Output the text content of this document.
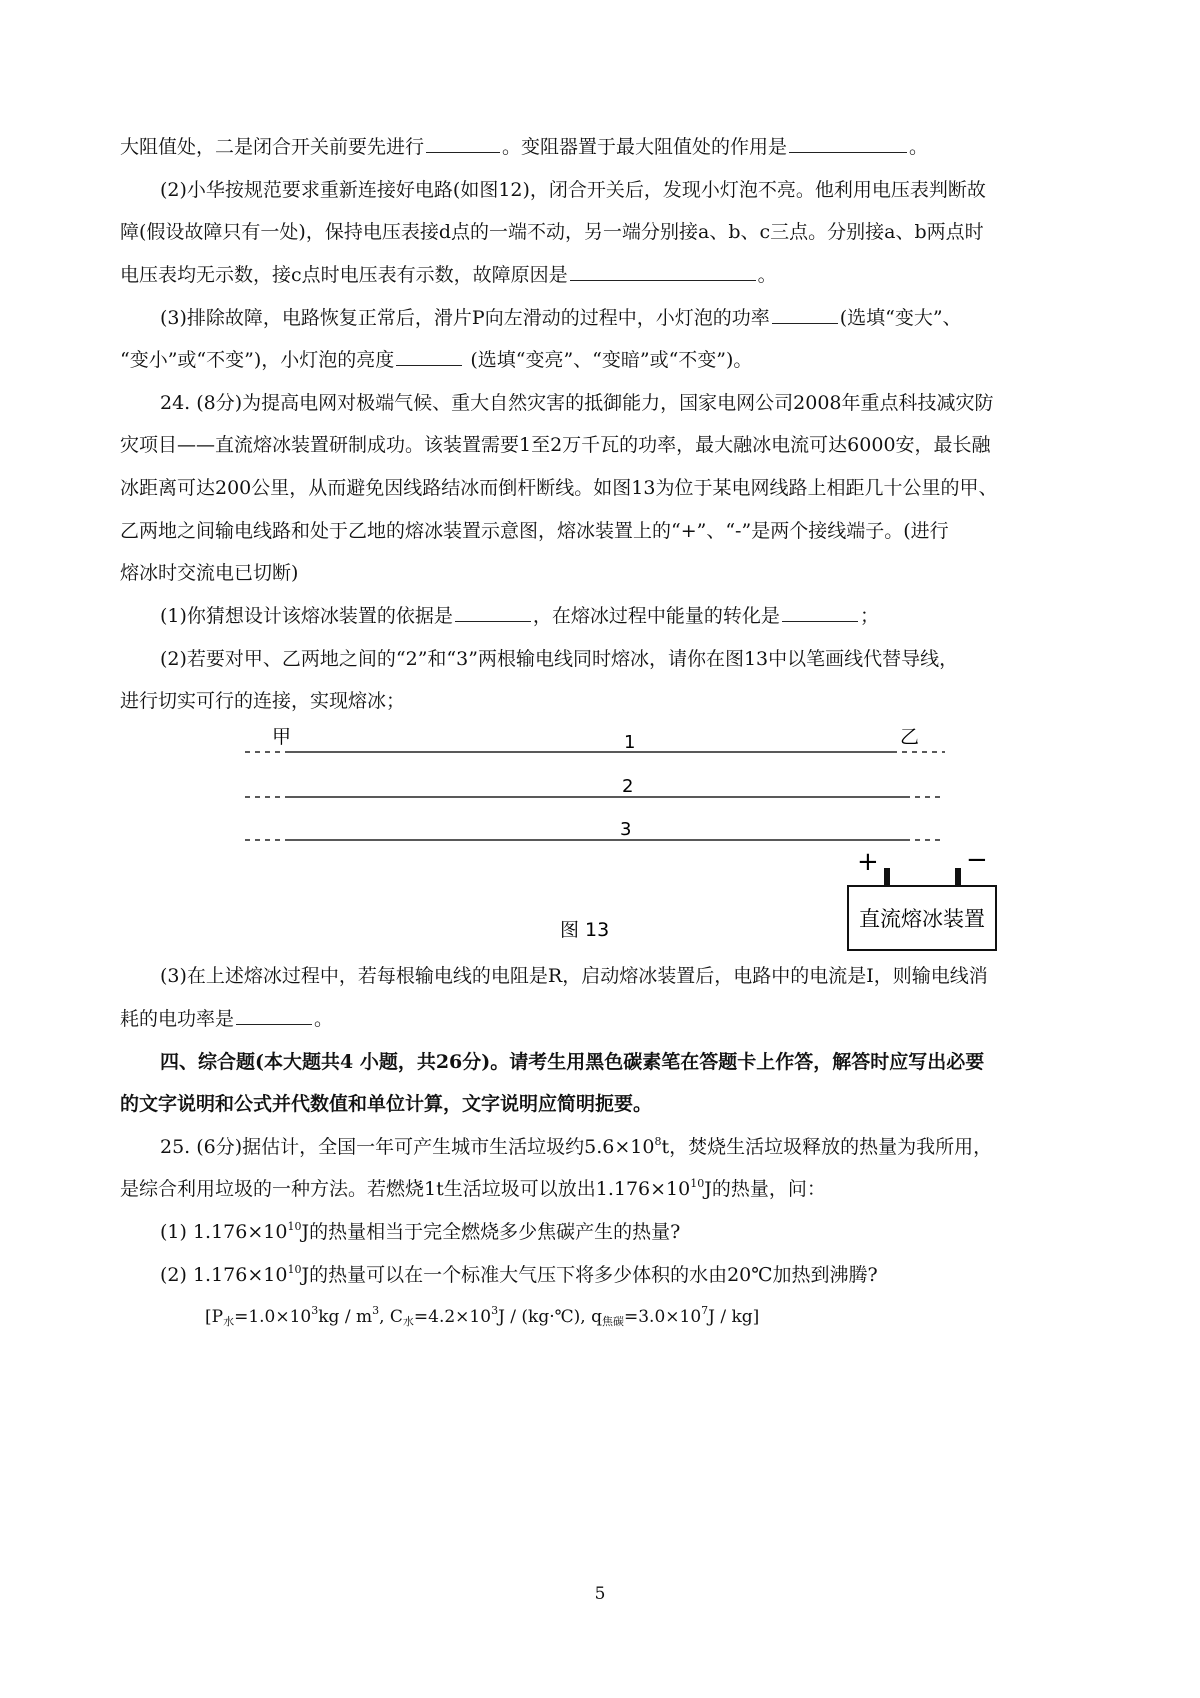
大阻值处，二是闭合开关前要先进行	。变阻器置于最大阻值处的作用是	。
(2)小华按规范要求重新连接好电路(如图12)，闭合开关后，发现小灯泡不亮。他利用电压表判断故
障(假设故障只有一处)，保持电压表接d点的一端不动，另一端分别接a、b、c三点。分别接a、b两点时
电压表均无示数，接c点时电压表有示数，故障原因是	。
(3)排除故障，电路恢复正常后，滑片P向左滑动的过程中，小灯泡的功率	(选填“变大”、
“变小”或“不变”)，小灯泡的亮度	(选填“变亮”、“变暗”或“不变”)。
24. (8分)为提高电网对极端气候、重大自然灾害的抵御能力，国家电网公司2008年重点科技减灾防
灾项目——直流熔冰装置研制成功。该装置需要1至2万千瓦的功率，最大融冰电流可达6000安，最长融
冰距离可达200公里，从而避免因线路结冰而倒杆断线。如图13为位于某电网线路上相距几十公里的甲、
乙两地之间输电线路和处于乙地的熔冰装置示意图，熔冰装置上的“+”、“-”是两个接线端子。(进行
熔冰时交流电已切断)
(1)你猜想设计该熔冰装置的依据是	，在熔冰过程中能量的转化是	；
(2)若要对甲、乙两地之间的“2”和“3”两根输电线同时熔冰，请你在图13中以笔画线代替导线，
进行切实可行的连接，实现熔冰；
甲	乙
1
2
3
+	−
直流熔冰装置
图 13
(3)在上述熔冰过程中，若每根输电线的电阻是R，启动熔冰装置后，电路中的电流是I，则输电线消
耗的电功率是	。
四、综合题(本大题共4 小题，共26分)。请考生用黑色碳素笔在答题卡上作答，解答时应写出必要
的文字说明和公式并代数值和单位计算，文字说明应简明扼要。
25. (6分)据估计，全国一年可产生城市生活垃圾约$5.6\times 10^8t$，焚烧生活垃圾释放的热量为我所用，
是综合利用垃圾的一种方法。若燃烧1t生活垃圾可以放出$1.176\times 10^{10}J$的热量，问：
(1) $1.176\times 10^{10}J$的热量相当于完全燃烧多少焦碳产生的热量?
(2) $1.176\times 10^{10}J$的热量可以在一个标准大气压下将多少体积的水由20℃加热到沸腾?
[$P_水=1.0\times 10^3kg / m^3$, $C_水=4.2\times 10^3J$ / (kg·℃), $q_{焦碳}=3.0\times 10^7J / kg$]
5
